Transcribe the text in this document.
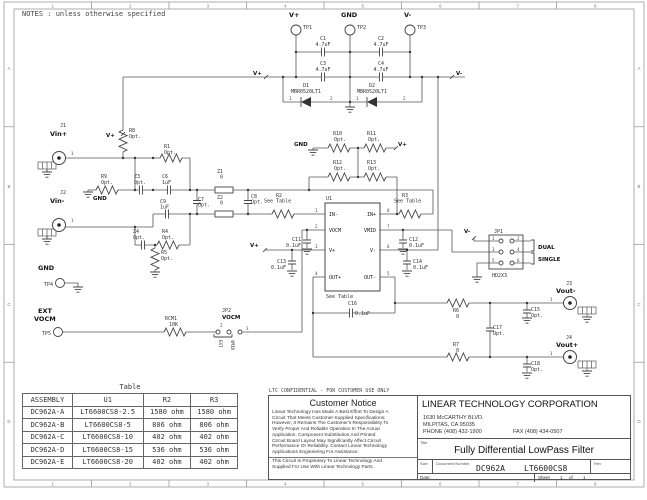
1	2	3	4	5	6	7	8
1	2	3	4	5	6	7	8
A
B
C
D
A
B
C
D
NOTES : unless otherwise specified	V+	GND	V-
TP1	TP2	TP3
V+	V-
C1
4.7uF
C2
4.7uF
C3
4.7uF
C4
4.7uF
D1
MBR0520LT1
D2
MBR0520LT1
1	2	1	2
J1
Vin+
1
J2
Vin-
1
V+
R8
Opt.
R9
Opt.
GND
R1
Opt.
Z3
Opt.
C6
1uF
C9
1uF
C7
Opt.
Z1
0
Z2
0
C8
Opt.
R2
See Table
Z4
Opt.
R4
Opt.
R5
Opt.
GND	V+
R10
Opt.
R11
Opt.
R12
Opt.
R13
Opt.
U1
See Table
IN-
VOCM
V+
OUT+
IN+
VMID
V-
OUT-
1
2
3
4
8
7
6
5
R3
See Table
V+
C11
0.1uF
C12
0.1uF
C13
0.1uF
C14
0.1uF
V-	JP1
HD2X3
1
3
5
2
4
6
DUAL
SINGLE
GND
TP4
EXT
VOCM
TP5
RCM1
10K
JP2
VOCM
2
3
EXT VMID
C16
0.1uF	R6
0
R7
0
C17
Opt.
C15
Opt.
C18
Opt.
J3
Vout-
1
J4
Vout+
1
Table
ASSEMBLY	U1	R2	R3
DC962A-A	LT6600CS8-2.5	1580 ohm	1580 ohm
DC962A-B	LT6600CS8-5	806 ohm	806 ohm
DC962A-C	LT6600CS8-10	402 ohm	402 ohm
DC962A-D	LT6600CS8-15	536 ohm	536 ohm
DC962A-E	LT6600CS8-20	402 ohm	402 ohm
LTC CONFIDENTIAL - FOR CUSTOMER USE ONLY
Customer Notice
Linear Technology Has Made A Best Effort To Design A
Circuit That Meets Customer-Supplied Specifications;
However, It Remains The Customer's Responsibility To
Verify Proper And Reliable Operation In The Actual
Application. Component Substitution And Printed
Circuit Board Layout May Significantly Affect Circuit
Performance Or Reliability. Contact Linear Technology
Applications Engineering For Assistance.
This Circuit Is Proprietary To Linear Technology And
Supplied For Use With Linear Technology Parts.
LINEAR TECHNOLOGY CORPORATION
1630 McCARTHY BLVD.
MILPITAS, CA 95035
PHONE (408) 432-1900	FAX (408) 434-0507
Title
Fully Differential LowPass Filter
Size Document Number
DC962A LT6600CS8
Rev
Date:	Sheet 1 of 1
